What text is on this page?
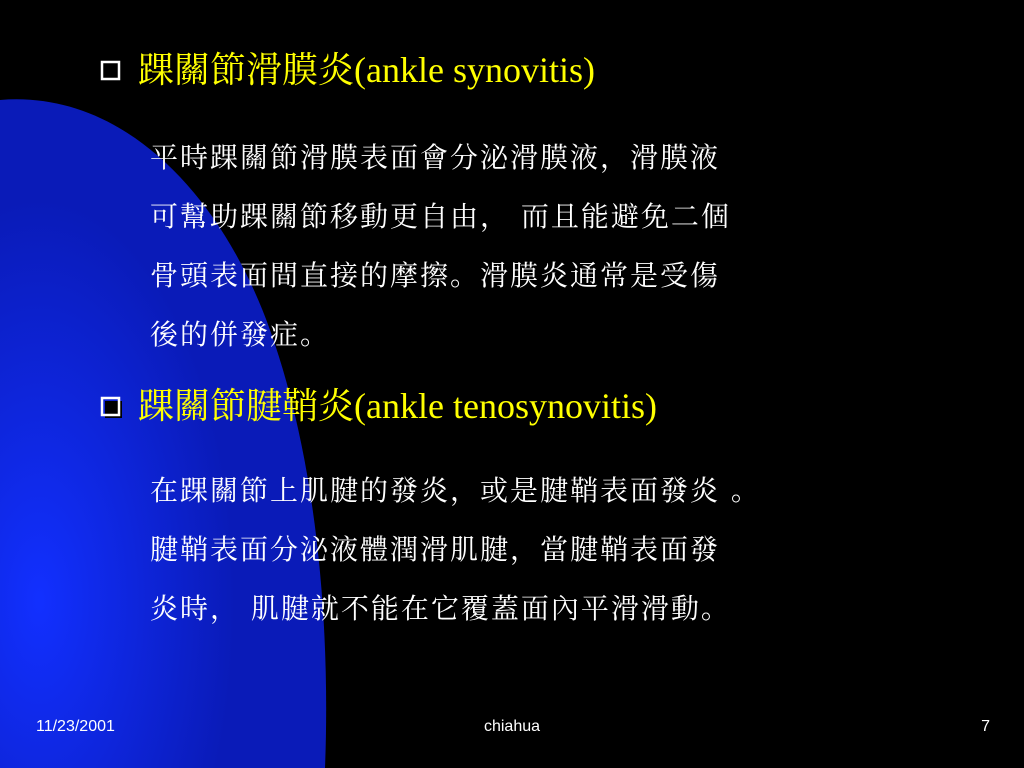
踝關節滑膜炎(ankle synovitis)
平時踝關節滑膜表面會分泌滑膜液，滑膜液
可幫助踝關節移動更自由， 而且能避免二個
骨頭表面間直接的摩擦。滑膜炎通常是受傷
後的併發症。
踝關節腱鞘炎(ankle tenosynovitis)
在踝關節上肌腱的發炎，或是腱鞘表面發炎 。
腱鞘表面分泌液體潤滑肌腱，當腱鞘表面發
炎時， 肌腱就不能在它覆蓋面內平滑滑動。
11/23/2001	chiahua	7
